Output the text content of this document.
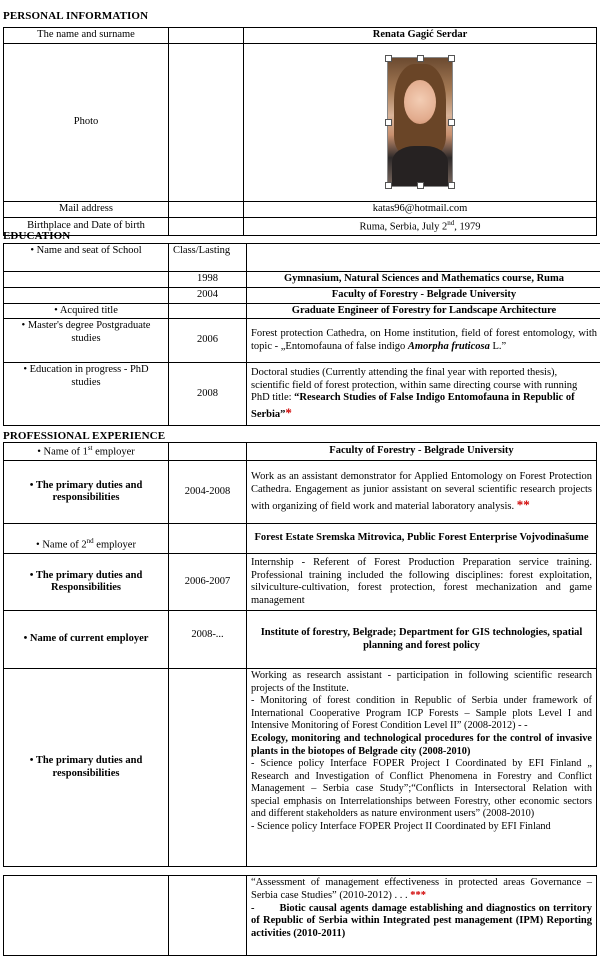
PERSONAL INFORMATION
The name and surname		Renata Gagić Serdar
Photo		

Mail address		katas96@hotmail.com
Birthplace and Date of birth		Ruma, Serbia, July 2nd, 1979
EDUCATION
• Name and seat of School	Class/Lasting	
	1998	Gymnasium, Natural Sciences and Mathematics course, Ruma
	2004	Faculty of Forestry - Belgrade University
• Acquired title		Graduate Engineer of Forestry for Landscape Architecture
• Master's degree Postgraduate studies	2006	Forest protection Cathedra, on Home institution, field of forest entomology, with topic - „Entomofauna of false indigo Amorpha fruticosa L.”
• Education in progress - PhD studies	2008	Doctoral studies (Currently attending the final year with reported thesis), scientific field of forest protection, within same directing course with running PhD title: “Research Studies of False Indigo Entomofauna in Republic of Serbia”*
PROFESSIONAL EXPERIENCE
• Name of 1st employer		Faculty of Forestry - Belgrade University
• The primary duties and responsibilities	2004-2008	Work as an assistant demonstrator for Applied Entomology on Forest Protection Cathedra. Engagement as junior assistant on several scientific research projects with organizing of field work and material laboratory analysis. **
• Name of 2nd employer		Forest Estate Sremska Mitrovica, Public Forest Enterprise Vojvodinašume
• The primary duties and Responsibilities	2006-2007	Internship - Referent of Forest Production Preparation service training. Professional training included the following disciplines: forest exploitation, silviculture-cultivation, forest protection, forest mechanization and game management
• Name of current employer	2008-...	Institute of forestry, Belgrade; Department for GIS technologies, spatial planning and forest policy
• The primary duties and responsibilities		Working as research assistant - participation in following scientific research projects of the Institute.
- Monitoring of forest condition in Republic of Serbia under framework of International Cooperative Program ICP Forests – Sample plots Level I and Intensive Monitoring of Forest Condition Level II” (2008-2012) - -
Ecology, monitoring and technological procedures for the control of invasive plants in the biotopes of Belgrade city (2008-2010)
- Science policy Interface FOPER Project I Coordinated by EFI Finland „ Research and Investigation of Conflict Phenomena in Forestry and Conflict Management – Serbia case Study”;“Conflicts in Intersectoral Relation with special emphasis on Interrelationships between Forestry, other economic sectors and different stakeholders as nature environment users” (2008-2010)
- Science policy Interface FOPER Project II Coordinated by EFI Finland

“Assessment of management effectiveness in protected areas Governance – Serbia case Studies” (2010-2012) . . . ***
-        Biotic causal agents damage establishing and diagnostics on territory of Republic of Serbia within Integrated pest management (IPM) Reporting activities (2010-2011)
